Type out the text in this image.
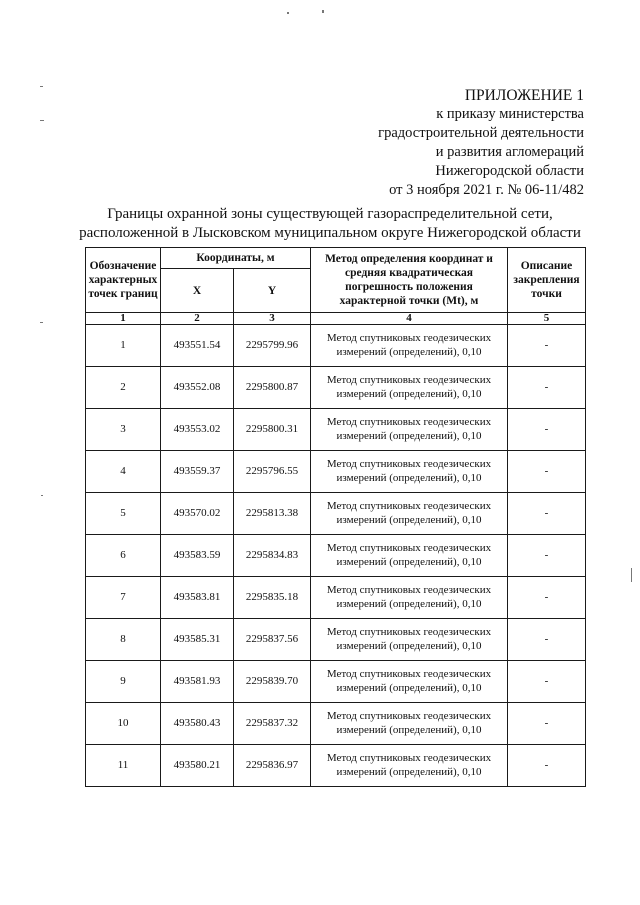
ПРИЛОЖЕНИЕ 1
к приказу министерства
градостроительной деятельности
и развития агломераций
Нижегородской области
от 3 ноября 2021 г. № 06-11/482
Границы охранной зоны существующей газораспределительной сети,
расположенной в Лысковском муниципальном округе Нижегородской области
Обозначение характерных точек границ	Координаты, м		Метод определения координат и средняя квадратическая погрешность положения характерной точки (Mt), м	Описание закрепления точки
	X	Y		
1	2	3	4	5
1	493551.54	2295799.96	Метод спутниковых геодезических измерений (определений), 0,10	-
2	493552.08	2295800.87	Метод спутниковых геодезических измерений (определений), 0,10	-
3	493553.02	2295800.31	Метод спутниковых геодезических измерений (определений), 0,10	-
4	493559.37	2295796.55	Метод спутниковых геодезических измерений (определений), 0,10	-
5	493570.02	2295813.38	Метод спутниковых геодезических измерений (определений), 0,10	-
6	493583.59	2295834.83	Метод спутниковых геодезических измерений (определений), 0,10	-
7	493583.81	2295835.18	Метод спутниковых геодезических измерений (определений), 0,10	-
8	493585.31	2295837.56	Метод спутниковых геодезических измерений (определений), 0,10	-
9	493581.93	2295839.70	Метод спутниковых геодезических измерений (определений), 0,10	-
10	493580.43	2295837.32	Метод спутниковых геодезических измерений (определений), 0,10	-
11	493580.21	2295836.97	Метод спутниковых геодезических измерений (определений), 0,10	-
